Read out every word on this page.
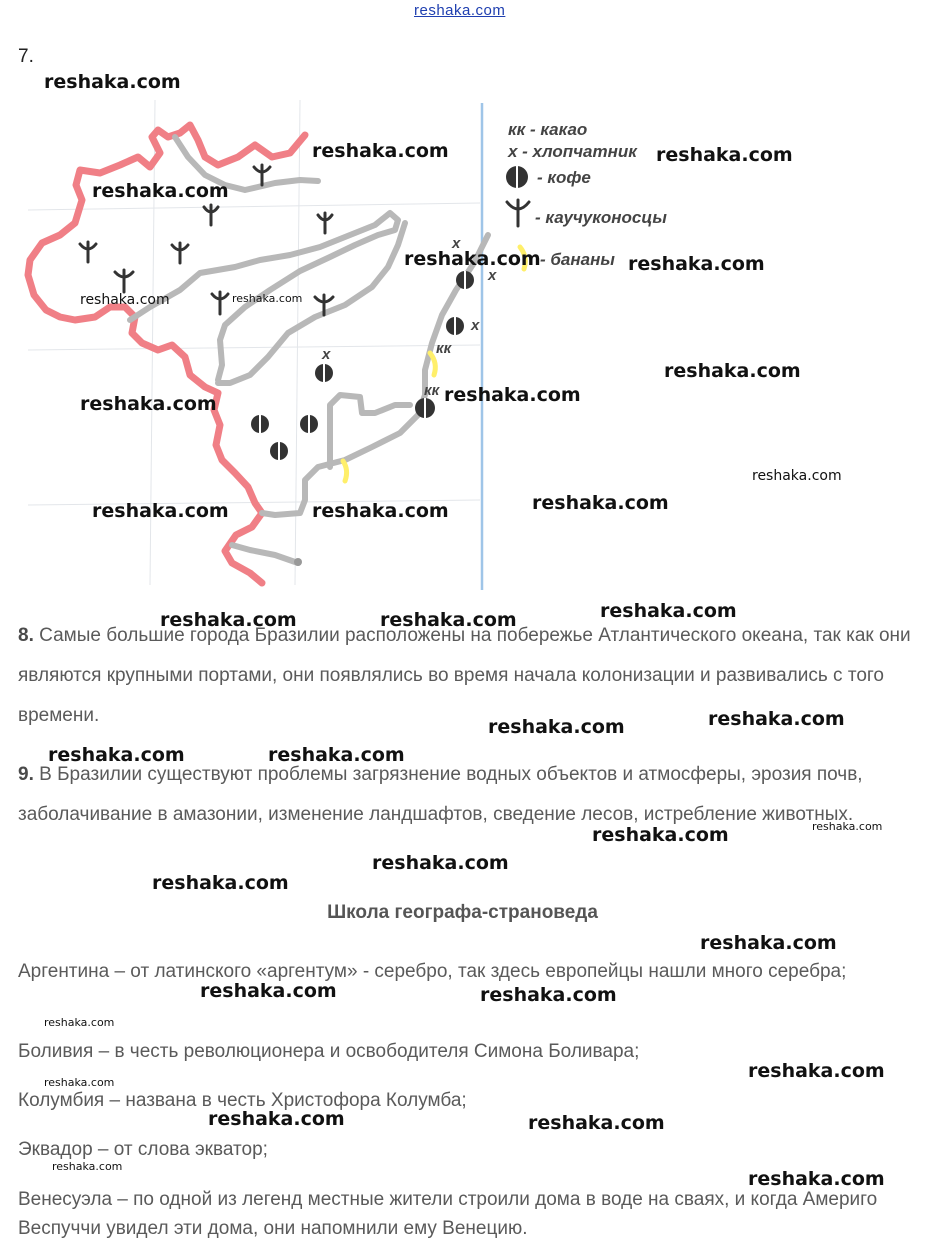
reshaka.com
7.
х
х
х
х	кк
кк
кк - какао
х - хлопчатник
- кофе
- каучуконосцы
- бананы
8. Самые большие города Бразилии расположены на побережье Атлантического океана, так как они являются крупными портами, они появлялись во время начала колонизации и развивались с того времени.
9. В Бразилии существуют проблемы загрязнение водных объектов и атмосферы, эрозия почв, заболачивание в амазонии, изменение ландшафтов, сведение лесов, истребление животных.
Школа географа-страноведа
Аргентина – от латинского «аргентум» - серебро, так здесь европейцы нашли много серебра;
Боливия – в честь революционера и освободителя Симона Боливара;
Колумбия – названа в честь Христофора Колумба;
Эквадор – от слова экватор;
Венесуэла – по одной из легенд местные жители строили дома в воде на сваях, и когда Америго Веспуччи увидел эти дома, они напомнили ему Венецию.
reshaka.com
reshaka.com	reshaka.com
reshaka.com
reshaka.com	reshaka.com
reshaka.com	reshaka.com
reshaka.com
reshaka.com
reshaka.com
reshaka.com
reshaka.com
reshaka.com	reshaka.com
reshaka.com
reshaka.com	reshaka.com
reshaka.com
reshaka.com
reshaka.com	reshaka.com
reshaka.com
reshaka.com
reshaka.com
reshaka.com
reshaka.com
reshaka.com	reshaka.com
reshaka.com
reshaka.com
reshaka.com
reshaka.com	reshaka.com
reshaka.com
reshaka.com
